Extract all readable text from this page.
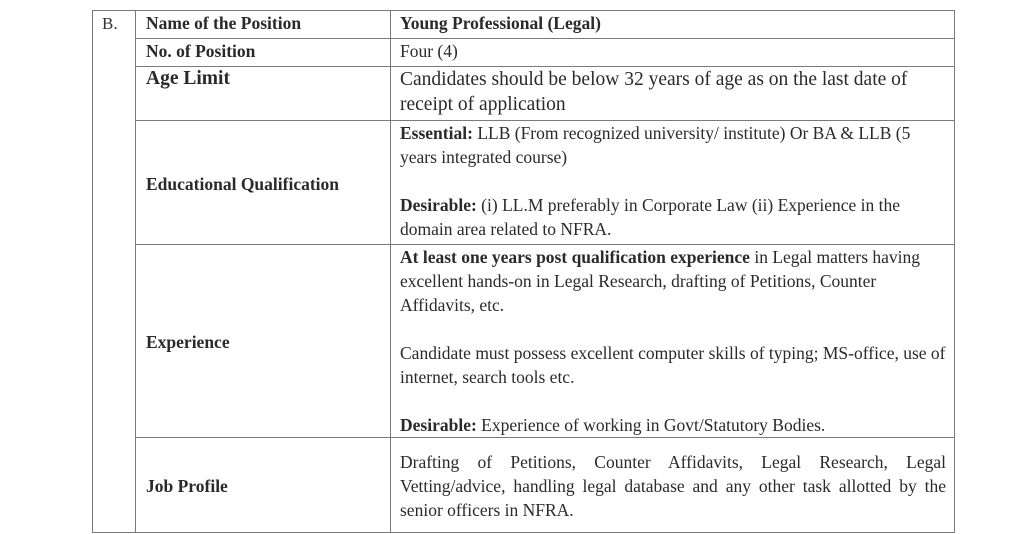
B.	Name of the Position	Young Professional (Legal)
	No. of Position	Four (4)
	Age Limit	Candidates should be below 32 years of age as on the last date of receipt of application
	Educational Qualification	Essential: LLB (From recognized university/ institute) Or BA & LLB (5 years integrated course)

Desirable: (i) LL.M preferably in Corporate Law (ii) Experience in the domain area related to NFRA.

	Experience	At least one years post qualification experience in Legal matters having excellent hands-on in Legal Research, drafting of Petitions, Counter Affidavits, etc.

Candidate must possess excellent computer skills of typing; MS-office, use of internet, search tools etc.

Desirable: Experience of working in Govt/Statutory Bodies.

	Job Profile	Drafting of Petitions, Counter Affidavits, Legal Research, Legal Vetting/advice, handling legal database and any other task allotted by the senior officers in NFRA.
